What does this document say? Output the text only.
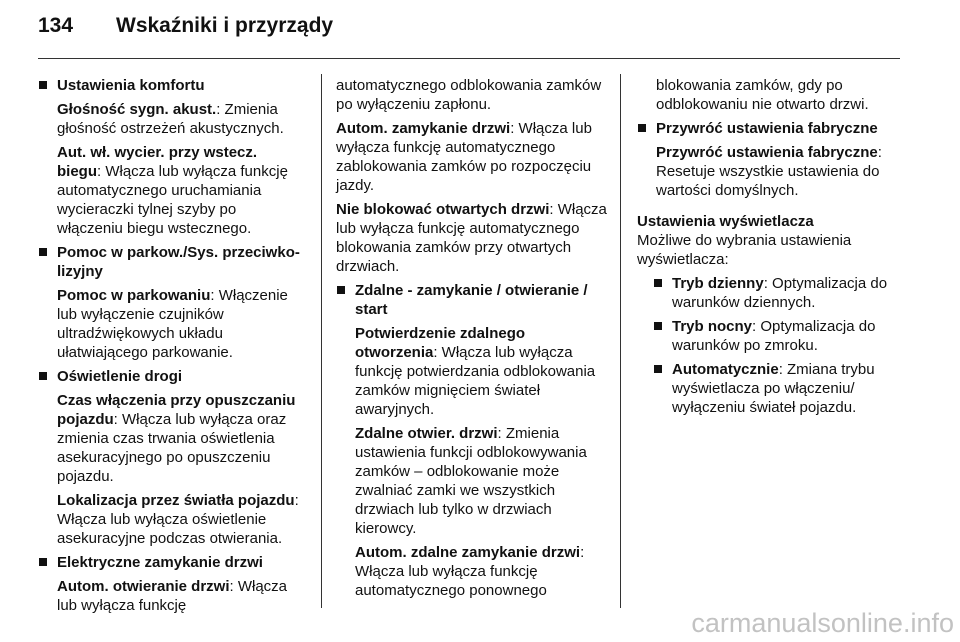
134 Wskaźniki i przyrządy
Ustawienia komfortu
Głośność sygn. akust.: Zmienia głośność ostrzeżeń akustycznych.
Aut. wł. wycier. przy wstecz. biegu: Włącza lub wyłącza funkcję automatycznego uruchamiania wycieraczki tylnej szyby po włączeniu biegu wstecznego.
Pomoc w parkow./Sys. przeciwkolizyjny
Pomoc w parkowaniu: Włączenie lub wyłączenie czujników ultradźwiękowych układu ułatwiającego parkowanie.
Oświetlenie drogi
Czas włączenia przy opuszczaniu pojazdu: Włącza lub wyłącza oraz zmienia czas trwania oświetlenia asekuracyjnego po opuszczeniu pojazdu.
Lokalizacja przez światła pojazdu: Włącza lub wyłącza oświetlenie asekuracyjne podczas otwierania.
Elektryczne zamykanie drzwi
Autom. otwieranie drzwi: Włącza lub wyłącza funkcję
automatycznego odblokowania zamków po wyłączeniu zapłonu.
Autom. zamykanie drzwi: Włącza lub wyłącza funkcję automatycznego zablokowania zamków po rozpoczęciu jazdy.
Nie blokować otwartych drzwi: Włącza lub wyłącza funkcję automatycznego blokowania zamków przy otwartych drzwiach.
Zdalne - zamykanie / otwieranie / start
Potwierdzenie zdalnego otworzenia: Włącza lub wyłącza funkcję potwierdzania odblokowania zamków mignięciem świateł awaryjnych.
Zdalne otwier. drzwi: Zmienia ustawienia funkcji odblokowywania zamków – odblokowanie może zwalniać zamki we wszystkich drzwiach lub tylko w drzwiach kierowcy.
Autom. zdalne zamykanie drzwi: Włącza lub wyłącza funkcję automatycznego ponownego
blokowania zamków, gdy po odblokowaniu nie otwarto drzwi.
Przywróć ustawienia fabryczne
Przywróć ustawienia fabryczne: Resetuje wszystkie ustawienia do wartości domyślnych.
Ustawienia wyświetlacza
Możliwe do wybrania ustawienia wyświetlacza:
Tryb dzienny: Optymalizacja do warunków dziennych.
Tryb nocny: Optymalizacja do warunków po zmroku.
Automatycznie: Zmiana trybu wyświetlacza po włączeniu/ wyłączeniu świateł pojazdu.
carmanualsonline.info
